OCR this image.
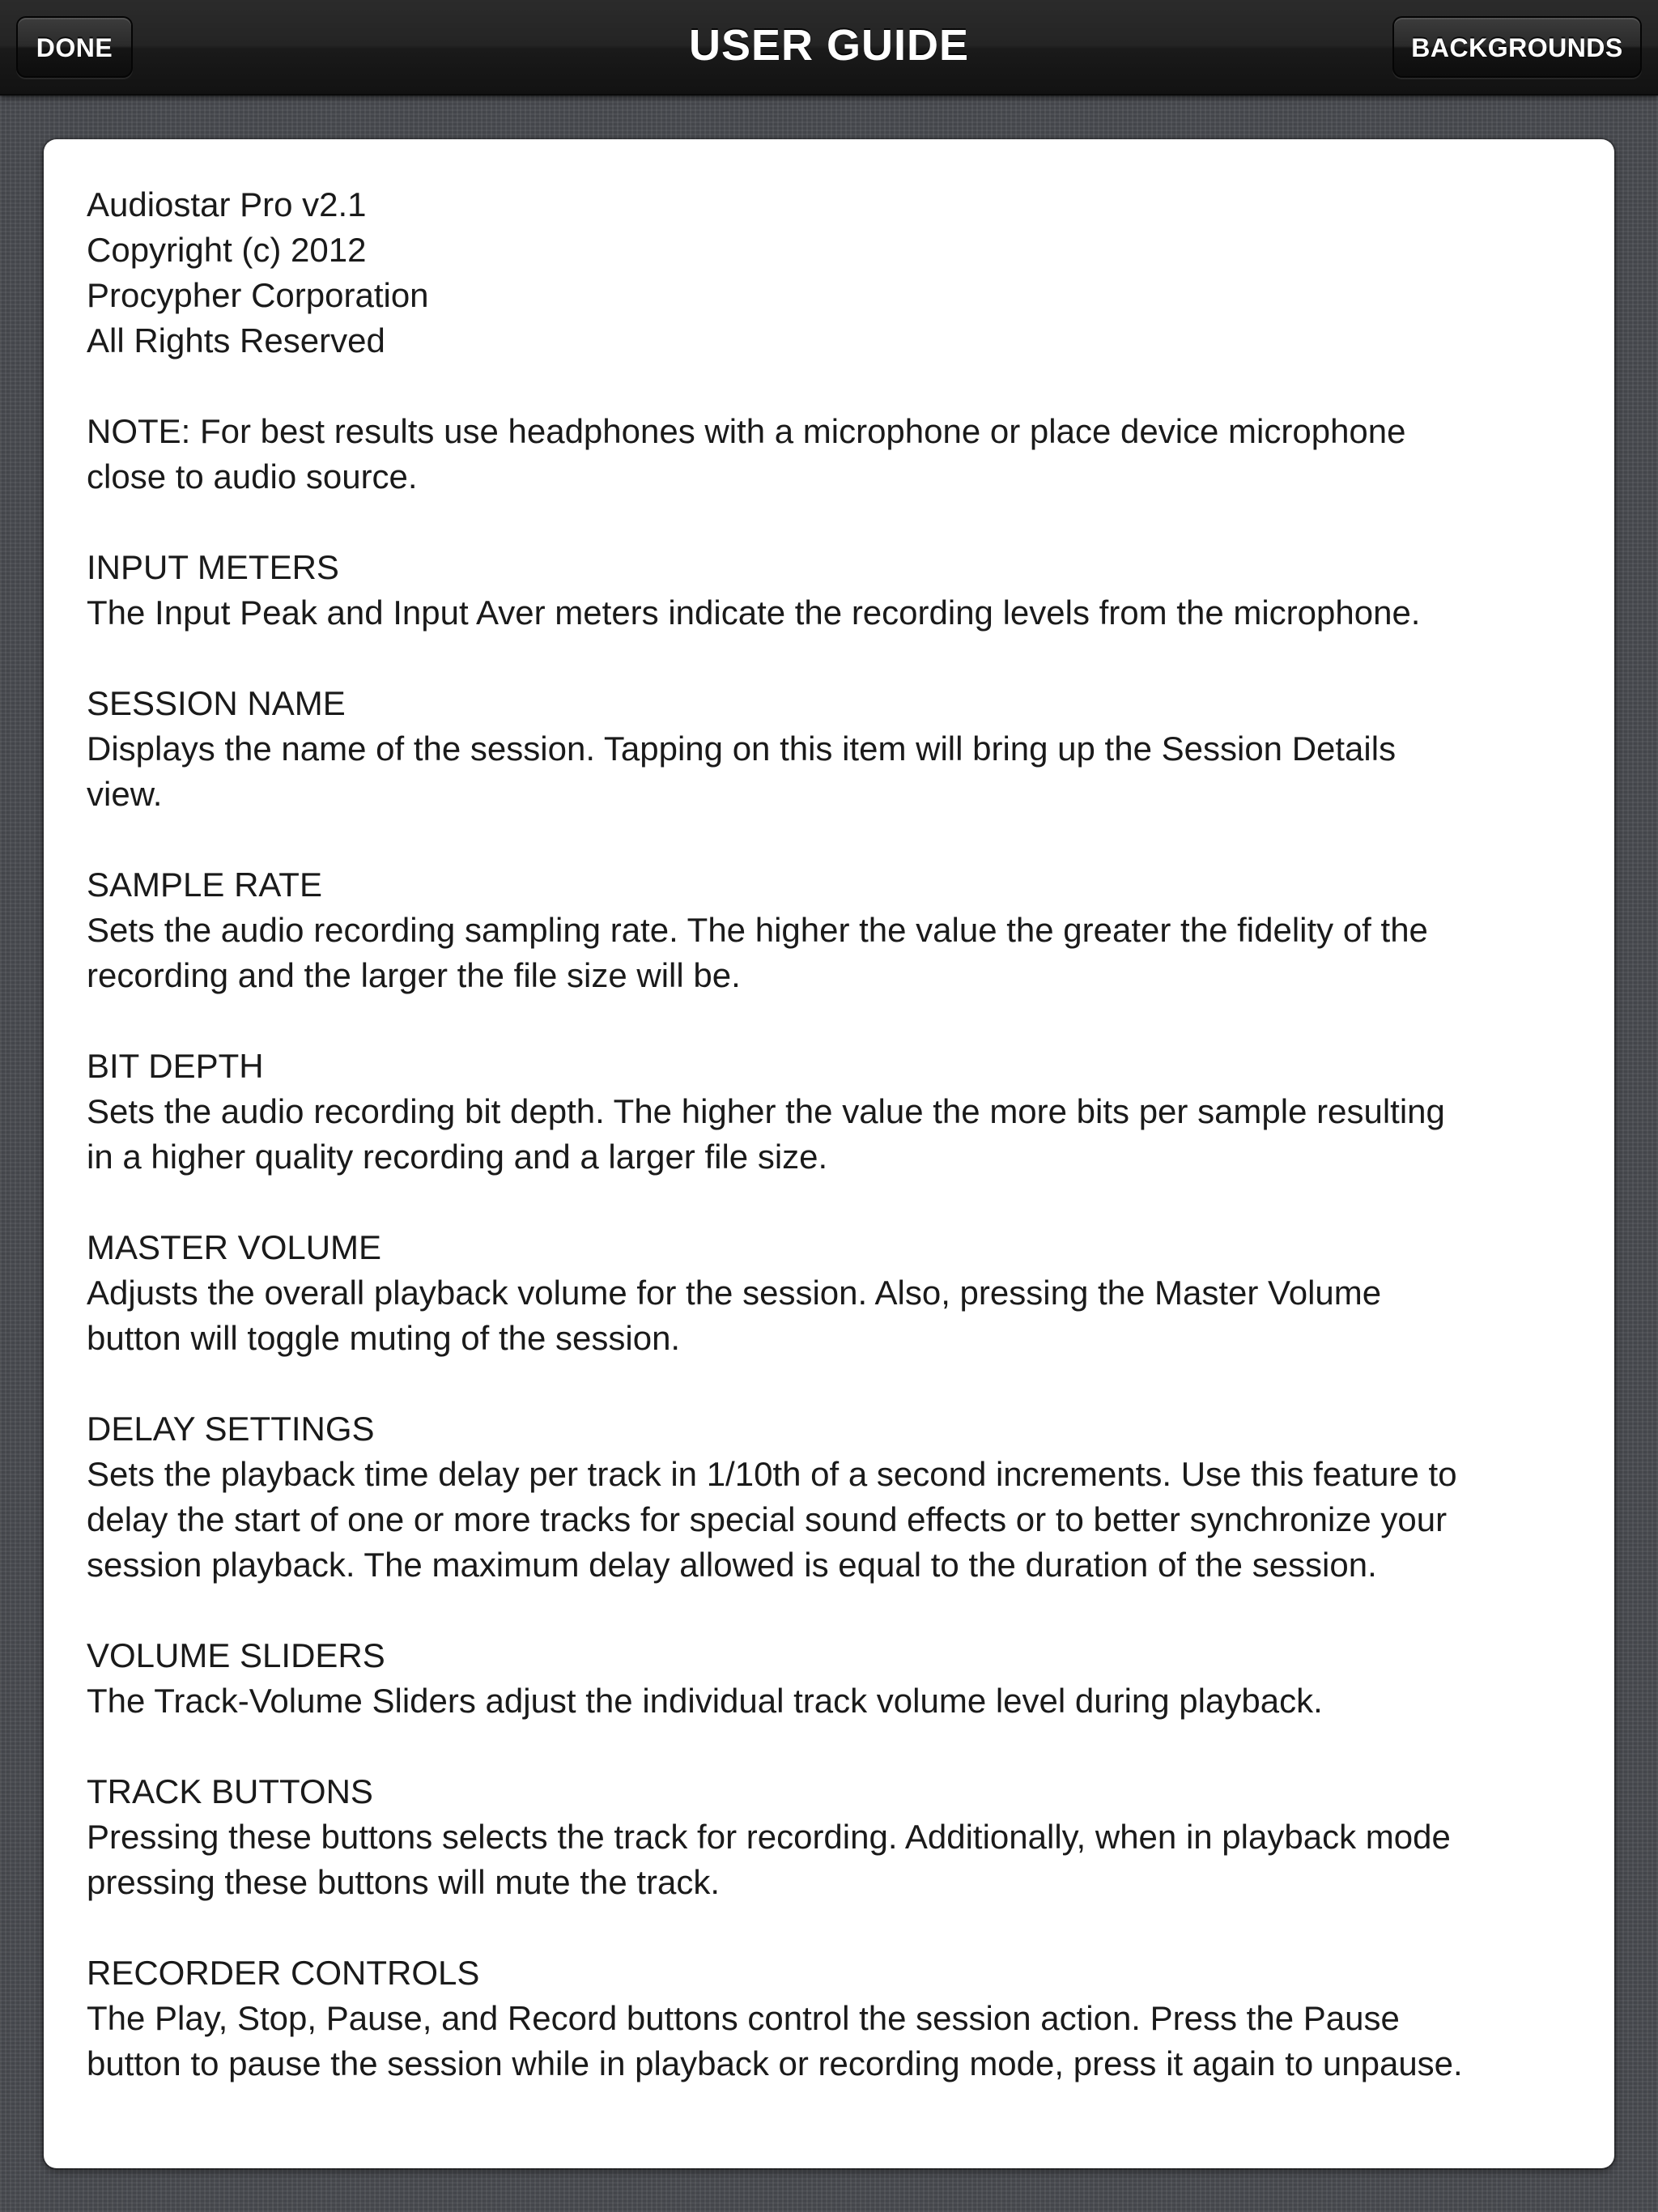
DONE	USER GUIDE	BACKGROUNDS
Audiostar Pro v2.1
Copyright (c) 2012
Procypher Corporation
All Rights Reserved
NOTE: For best results use headphones with a microphone or place device microphone
close to audio source.
INPUT METERS
The Input Peak and Input Aver meters indicate the recording levels from the microphone.
SESSION NAME
Displays the name of the session. Tapping on this item will bring up the Session Details
view.
SAMPLE RATE
Sets the audio recording sampling rate. The higher the value the greater the fidelity of the
recording and the larger the file size will be.
BIT DEPTH
Sets the audio recording bit depth. The higher the value the more bits per sample resulting
in a higher quality recording and a larger file size.
MASTER VOLUME
Adjusts the overall playback volume for the session. Also, pressing the Master Volume
button will toggle muting of the session.
DELAY SETTINGS
Sets the playback time delay per track in 1/10th of a second increments. Use this feature to
delay the start of one or more tracks for special sound effects or to better synchronize your
session playback. The maximum delay allowed is equal to the duration of the session.
VOLUME SLIDERS
The Track-Volume Sliders adjust the individual track volume level during playback.
TRACK BUTTONS
Pressing these buttons selects the track for recording. Additionally, when in playback mode
pressing these buttons will mute the track.
RECORDER CONTROLS
The Play, Stop, Pause, and Record buttons control the session action. Press the Pause
button to pause the session while in playback or recording mode, press it again to unpause.
